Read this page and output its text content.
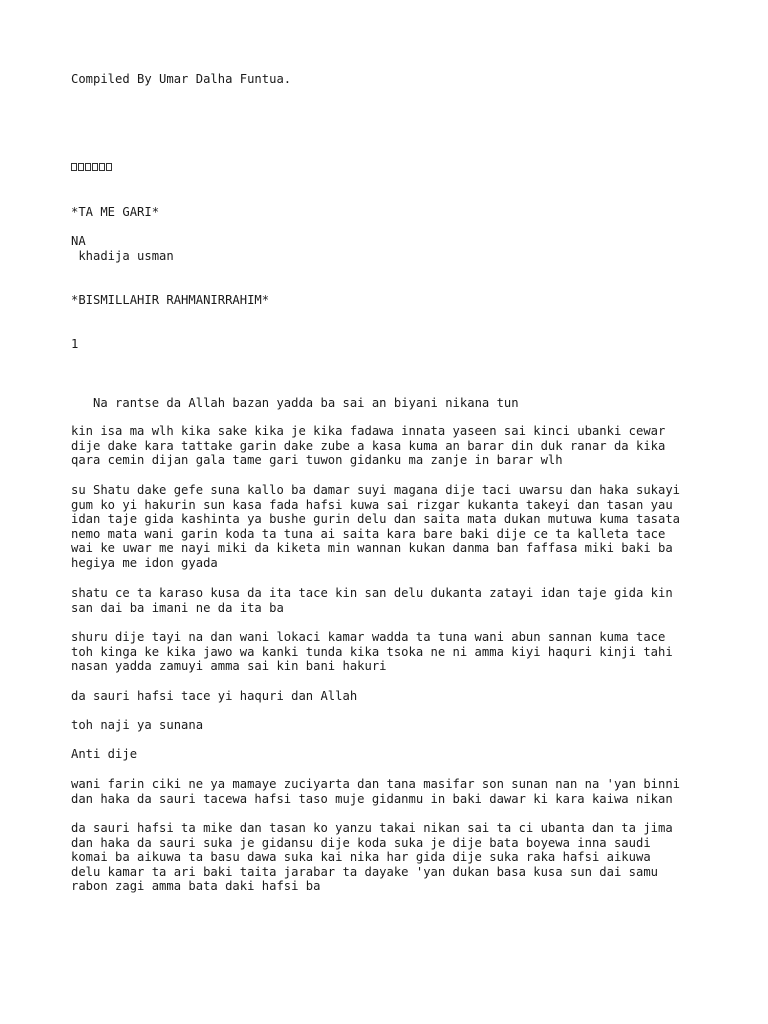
Compiled By Umar Dalha Funtua.
*TA ME GARI*
NA
khadija usman
*BISMILLAHIR RAHMANIRRAHIM*
1
Na rantse da Allah bazan yadda ba sai an biyani nikana tun
kin isa ma wlh kika sake kika je kika fadawa innata yaseen sai kinci ubanki cewar
dije dake kara tattake garin dake zube a kasa kuma an barar din duk ranar da kika
qara cemin dijan gala tame gari tuwon gidanku ma zanje in barar wlh
su Shatu dake gefe suna kallo ba damar suyi magana dije taci uwarsu dan haka sukayi
gum ko yi hakurin sun kasa fada hafsi kuwa sai rizgar kukanta takeyi dan tasan yau
idan taje gida kashinta ya bushe gurin delu dan saita mata dukan mutuwa kuma tasata
nemo mata wani garin koda ta tuna ai saita kara bare baki dije ce ta kalleta tace
wai ke uwar me nayi miki da kiketa min wannan kukan danma ban faffasa miki baki ba
hegiya me idon gyada
shatu ce ta karaso kusa da ita tace kin san delu dukanta zatayi idan taje gida kin
san dai ba imani ne da ita ba
shuru dije tayi na dan wani lokaci kamar wadda ta tuna wani abun sannan kuma tace
toh kinga ke kika jawo wa kanki tunda kika tsoka ne ni amma kiyi haquri kinji tahi
nasan yadda zamuyi amma sai kin bani hakuri
da sauri hafsi tace yi haquri dan Allah
toh naji ya sunana
Anti dije
wani farin ciki ne ya mamaye zuciyarta dan tana masifar son sunan nan na 'yan binni
dan haka da sauri tacewa hafsi taso muje gidanmu in baki dawar ki kara kaiwa nikan
da sauri hafsi ta mike dan tasan ko yanzu takai nikan sai ta ci ubanta dan ta jima
dan haka da sauri suka je gidansu dije koda suka je dije bata boyewa inna saudi
komai ba aikuwa ta basu dawa suka kai nika har gida dije suka raka hafsi aikuwa
delu kamar ta ari baki taita jarabar ta dayake 'yan dukan basa kusa sun dai samu
rabon zagi amma bata daki hafsi ba
